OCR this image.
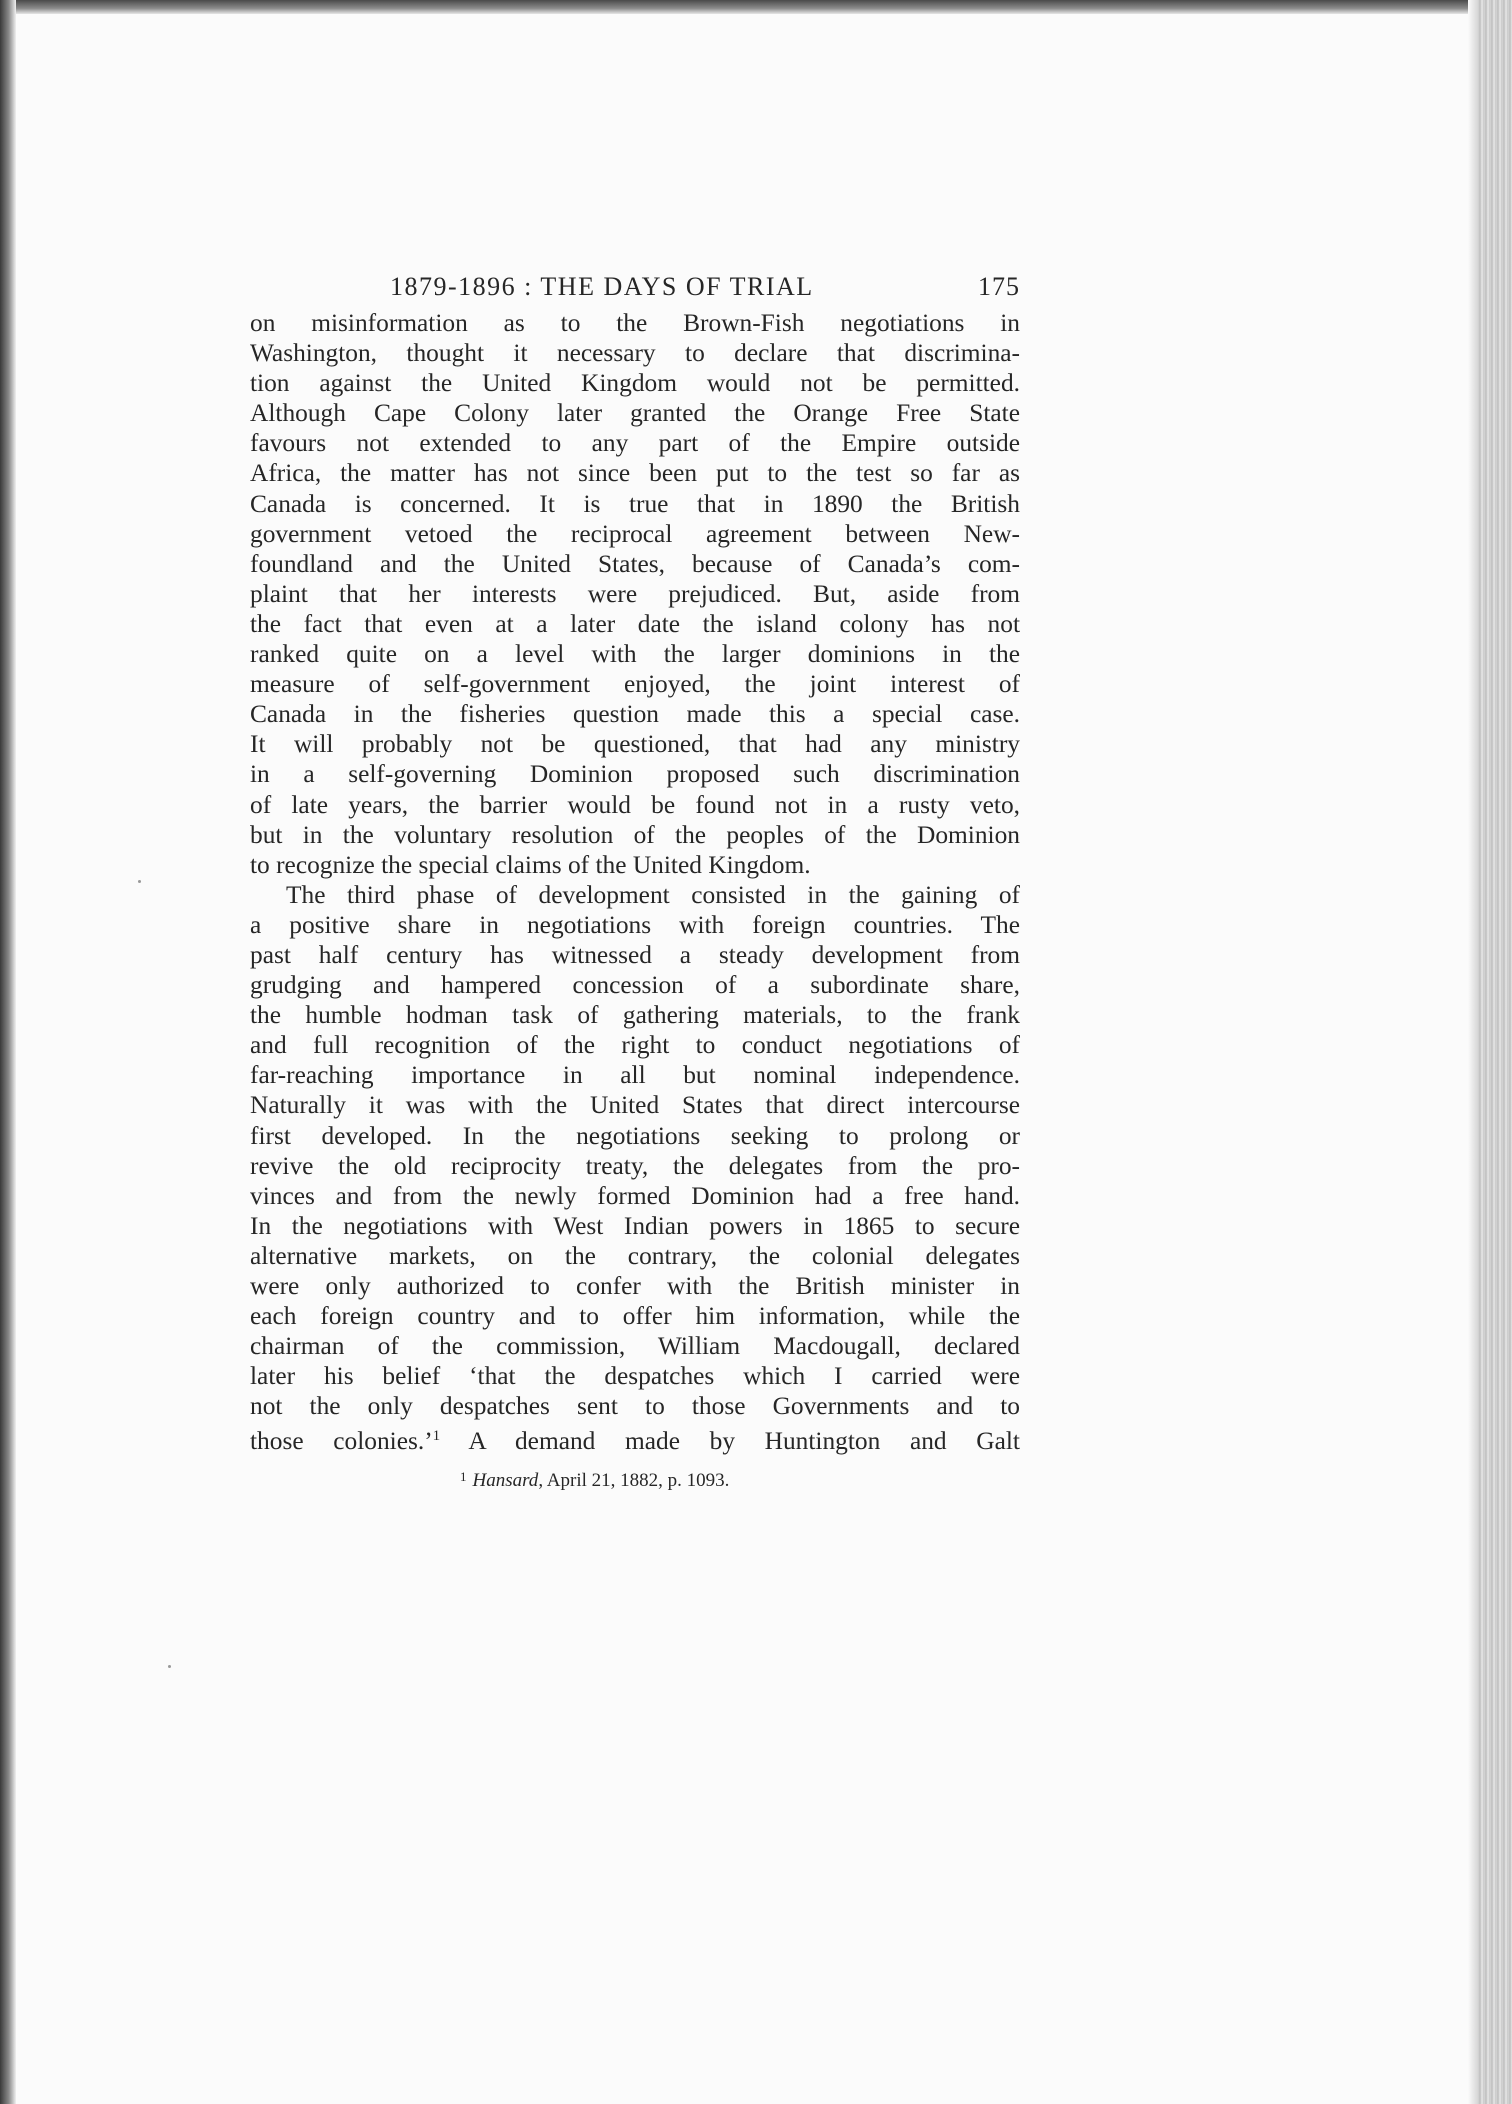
1879-1896 : THE DAYS OF TRIAL	175
on misinformation as to the Brown-Fish negotiations in
Washington, thought it necessary to declare that discrimina-
tion against the United Kingdom would not be permitted.
Although Cape Colony later granted the Orange Free State
favours not extended to any part of the Empire outside
Africa, the matter has not since been put to the test so far as
Canada is concerned. It is true that in 1890 the British
government vetoed the reciprocal agreement between New-
foundland and the United States, because of Canada’s com-
plaint that her interests were prejudiced. But, aside from
the fact that even at a later date the island colony has not
ranked quite on a level with the larger dominions in the
measure of self-government enjoyed, the joint interest of
Canada in the fisheries question made this a special case.
It will probably not be questioned, that had any ministry
in a self-governing Dominion proposed such discrimination
of late years, the barrier would be found not in a rusty veto,
but in the voluntary resolution of the peoples of the Dominion
to recognize the special claims of the United Kingdom.
The third phase of development consisted in the gaining of
a positive share in negotiations with foreign countries. The
past half century has witnessed a steady development from
grudging and hampered concession of a subordinate share,
the humble hodman task of gathering materials, to the frank
and full recognition of the right to conduct negotiations of
far-reaching importance in all but nominal independence.
Naturally it was with the United States that direct intercourse
first developed. In the negotiations seeking to prolong or
revive the old reciprocity treaty, the delegates from the pro-
vinces and from the newly formed Dominion had a free hand.
In the negotiations with West Indian powers in 1865 to secure
alternative markets, on the contrary, the colonial delegates
were only authorized to confer with the British minister in
each foreign country and to offer him information, while the
chairman of the commission, William Macdougall, declared
later his belief ‘that the despatches which I carried were
not the only despatches sent to those Governments and to
those colonies.’$^1$ A demand made by Huntington and Galt
$^1$ Hansard, April 21, 1882, p. 1093.
